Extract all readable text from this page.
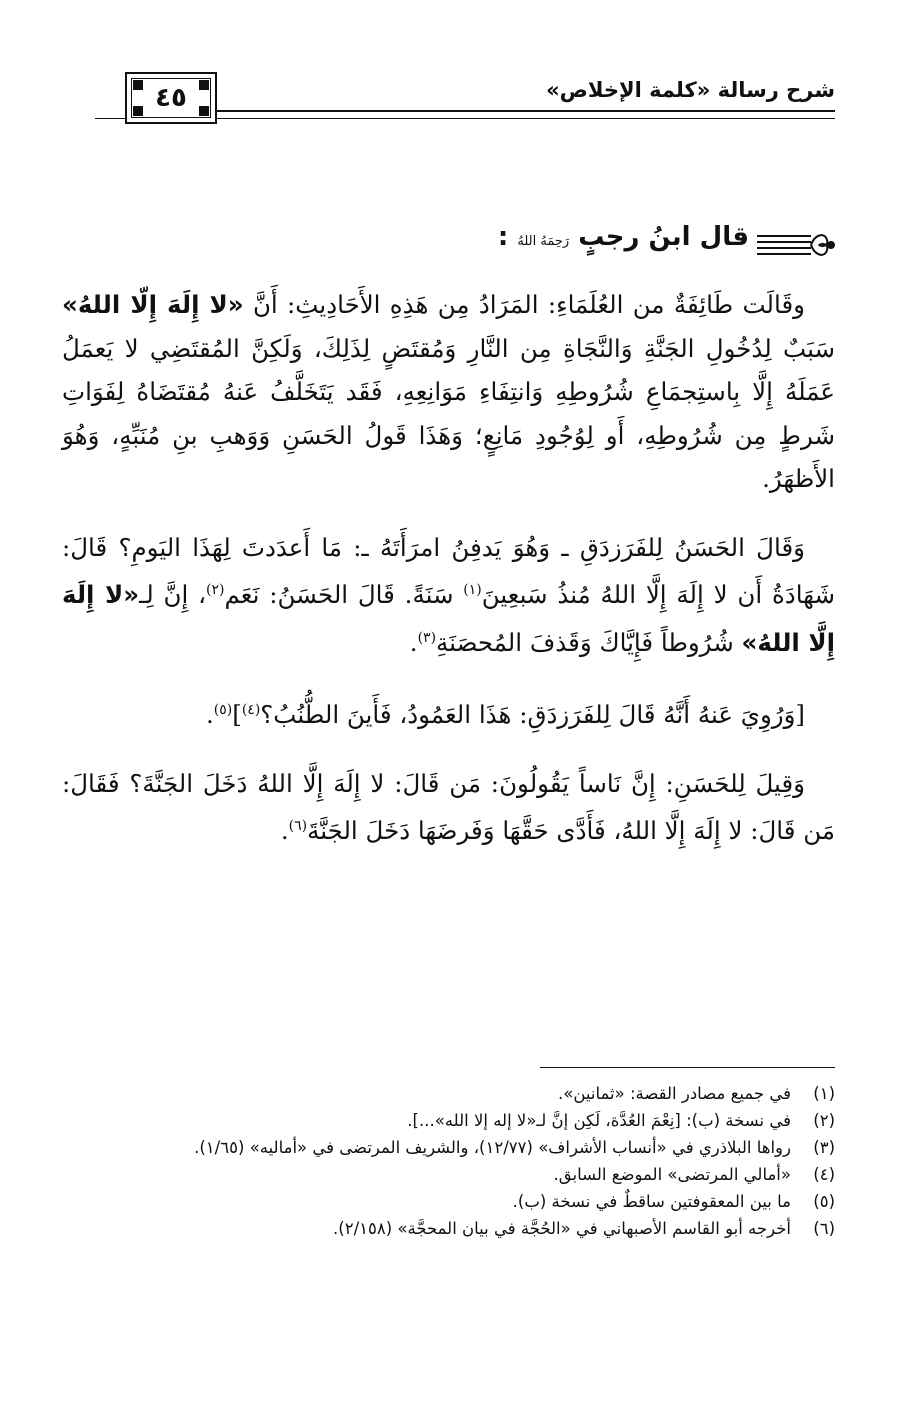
شرح رسالة «كلمة الإخلاص»
٤٥
قال ابنُ رجبٍ رَحِمَهُ اللهُ :

وقَالَت طَائِفَةٌ من العُلَمَاءِ: المَرَادُ مِن هَذِهِ الأَحَادِيثِ: أَنَّ «لا إِلَهَ إِلّا اللهُ» سَبَبٌ لِدُخُولِ الجَنَّةِ وَالنَّجَاةِ مِن النَّارِ وَمُقتَضٍ لِذَلِكَ، وَلَكِنَّ المُقتَضِي لا يَعمَلُ عَمَلَهُ إِلَّا بِاستِجمَاعِ شُرُوطِهِ وَانتِفَاءِ مَوَانِعِهِ، فَقَد يَتَخَلَّفُ عَنهُ مُقتَضَاهُ لِفَوَاتِ شَرطٍ مِن شُرُوطِهِ، أَو لِوُجُودِ مَانِعٍ؛ وَهَذَا قَولُ الحَسَنِ وَوَهبِ بنِ مُنَبِّهٍ، وَهُوَ الأَظهَرُ.

وَقَالَ الحَسَنُ لِلفَرَزدَقِ ـ وَهُوَ يَدفِنُ امرَأَتَهُ ـ: مَا أَعدَدتَ لِهَذَا اليَومِ؟ قَالَ: شَهَادَةُ أَن لا إِلَهَ إِلَّا اللهُ مُنذُ سَبعِينَ$^{(١)}$ سَنَةً. قَالَ الحَسَنُ: نَعَم$^{(٢)}$، إِنَّ لِـ«لا إِلَهَ إِلَّا اللهُ» شُرُوطاً فَإِيَّاكَ وَقَذفَ المُحصَنَةِ$^{(٣)}$.

[وَرُوِيَ عَنهُ أَنَّهُ قَالَ لِلفَرَزدَقِ: هَذَا العَمُودُ، فَأَينَ الطُّنُبُ؟$^{(٤)}$]$^{(٥)}$.

وَقِيلَ لِلحَسَنِ: إِنَّ نَاساً يَقُولُونَ: مَن قَالَ: لا إِلَهَ إِلَّا اللهُ دَخَلَ الجَنَّةَ؟ فَقَالَ: مَن قَالَ: لا إِلَهَ إِلَّا اللهُ، فَأَدَّى حَقَّهَا وَفَرضَهَا دَخَلَ الجَنَّةَ$^{(٦)}$.

(١)
في جميع مصادر القصة: «ثمانين».
(٢)
في نسخة (ب): [نِعْمَ العُدَّة، لَكِن إنَّ لـ«لا إله إلا الله»...].
(٣)
رواها البلاذري في «أنساب الأشراف» (١٢/٧٧)، والشريف المرتضى في «أماليه» (١/٦٥).
(٤)
«أمالي المرتضى» الموضع السابق.
(٥)
ما بين المعقوفتين ساقطٌ في نسخة (ب).
(٦)
أخرجه أبو القاسم الأصبهاني في «الحُجَّة في بيان المحجَّة» (٢/١٥٨).
